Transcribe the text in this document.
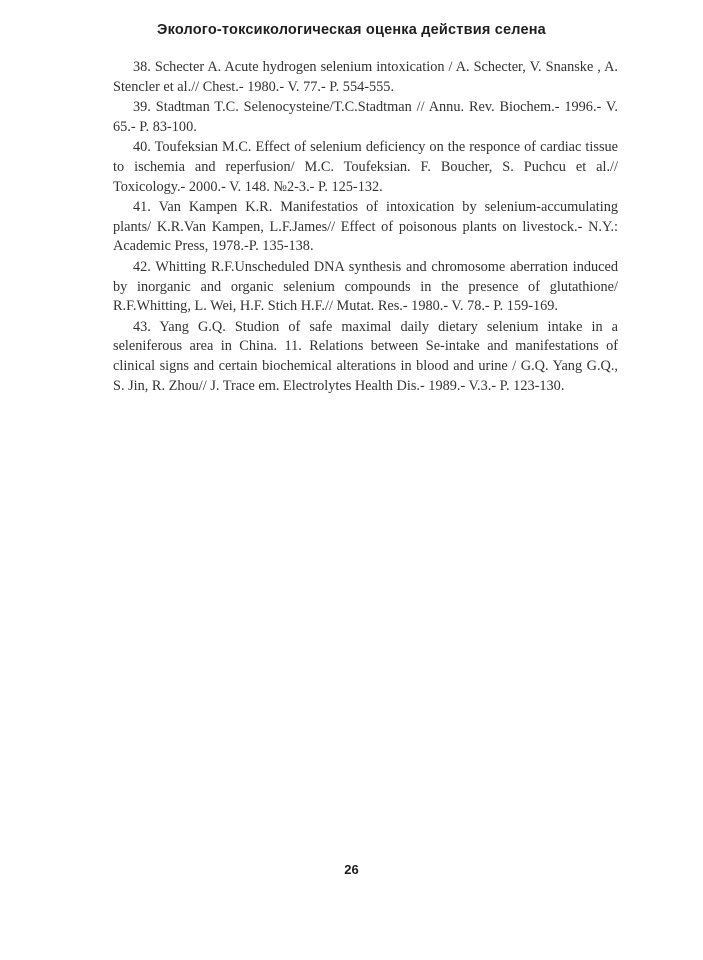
Эколого-токсикологическая оценка действия селена

38. Schecter A. Acute hydrogen selenium intoxication / A. Schecter, V. Snanske , A. Stencler et al.// Chest.- 1980.- V. 77.- P. 554-555.

39. Stadtman T.C. Selenocysteine/T.C.Stadtman // Annu. Rev. Biochem.- 1996.- V. 65.- P. 83-100.

40. Toufeksian M.C. Effect of selenium deficiency on the responce of cardiac tissue to ischemia and reperfusion/ M.C. Toufeksian. F. Boucher, S. Puchcu et al.// Toxicology.- 2000.- V. 148. №2-3.- P. 125-132.

41. Van Kampen K.R. Manifestatios of intoxication by selenium-accumulating plants/ K.R.Van Kampen, L.F.James// Effect of poisonous plants on livestock.- N.Y.: Academic Press, 1978.-P. 135-138.

42. Whitting R.F.Unscheduled DNA synthesis and chromosome aberration induced by inorganic and organic selenium compounds in the presence of glutathione/ R.F.Whitting, L. Wei, H.F. Stich H.F.// Mutat. Res.- 1980.- V. 78.- P. 159-169.

43. Yang G.Q. Studion of safe maximal daily dietary selenium intake in a seleniferous area in China. 11. Relations between Se-intake and manifestations of clinical signs and certain biochemical alterations in blood and urine / G.Q. Yang G.Q., S. Jin, R. Zhou// J. Trace em. Electrolytes Health Dis.- 1989.- V.3.- P. 123-130.

26
